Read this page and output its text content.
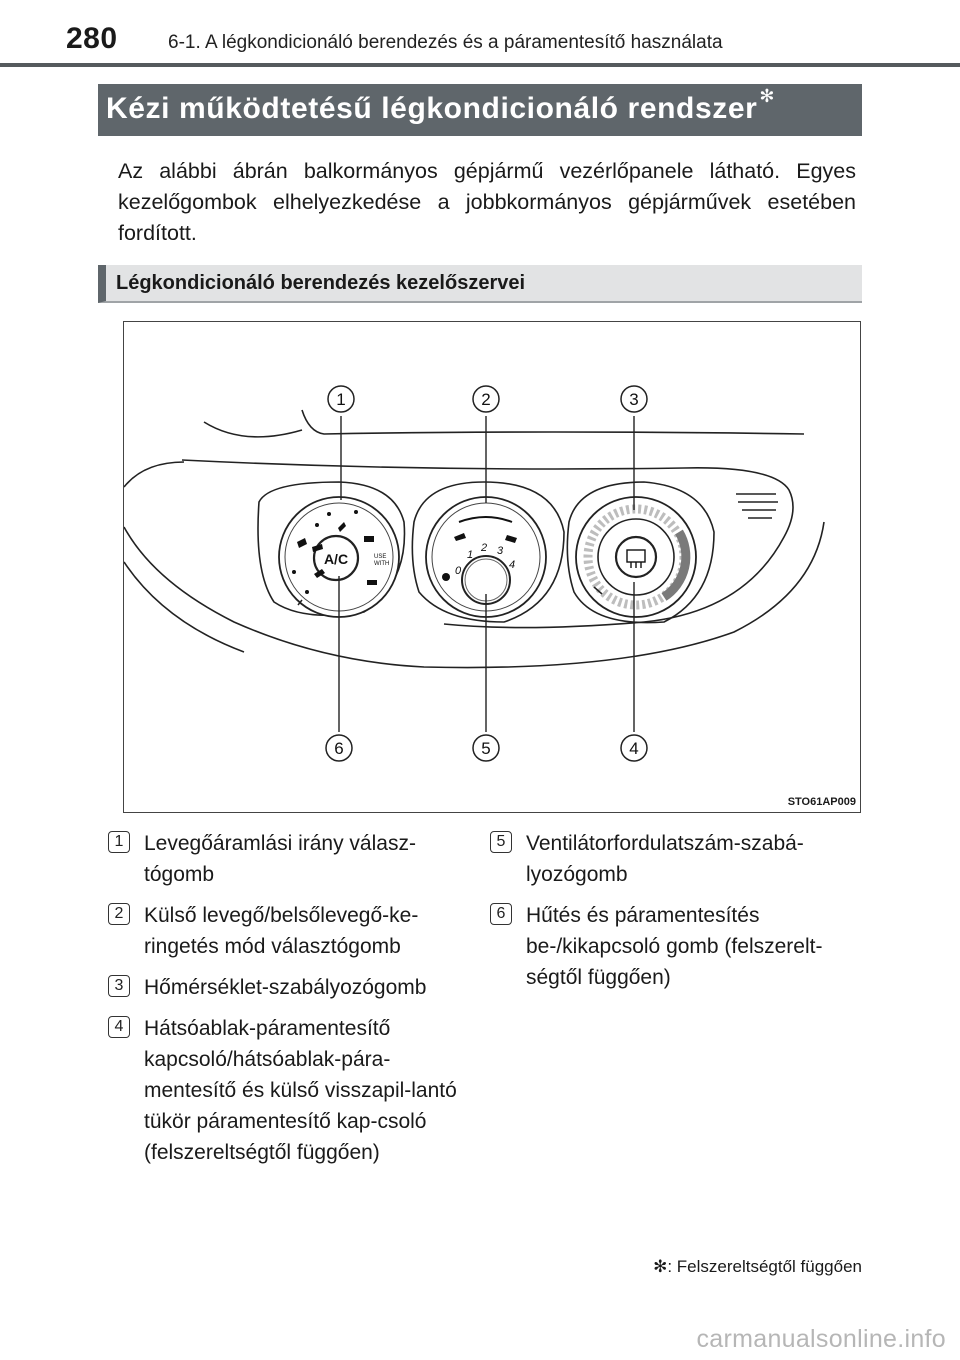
280	6-1. A légkondicionáló berendezés és a páramentesítő használata
Kézi működtetésű légkondicionáló rendszer ✻
Az alábbi ábrán balkormányos gépjármű vezérlőpanele látható. Egyes kezelőgombok elhelyezkedése a jobbkormányos gépjárművek esetében fordított.
Légkondicionáló berendezés kezelőszervei
A/C	USE
WITH
0
1
2 3
4
1	2	3
4
5
6
STO61AP009
1 Levegőáramlási irány válasz-tógomb
2 Külső levegő/belsőlevegő-ke-ringetés mód választógomb
3 Hőmérséklet-szabályozógomb
4 Hátsóablak-páramentesítő kapcsoló/hátsóablak-pára-mentesítő és külső visszapil-lantó tükör páramentesítő kap-csoló (felszereltségtől függően)
5 Ventilátorfordulatszám-szabá-lyozógomb
6 Hűtés és páramentesítés be-/kikapcsoló gomb (felszerelt-ségtől függően)
✻: Felszereltségtől függően
carmanualsonline.info
